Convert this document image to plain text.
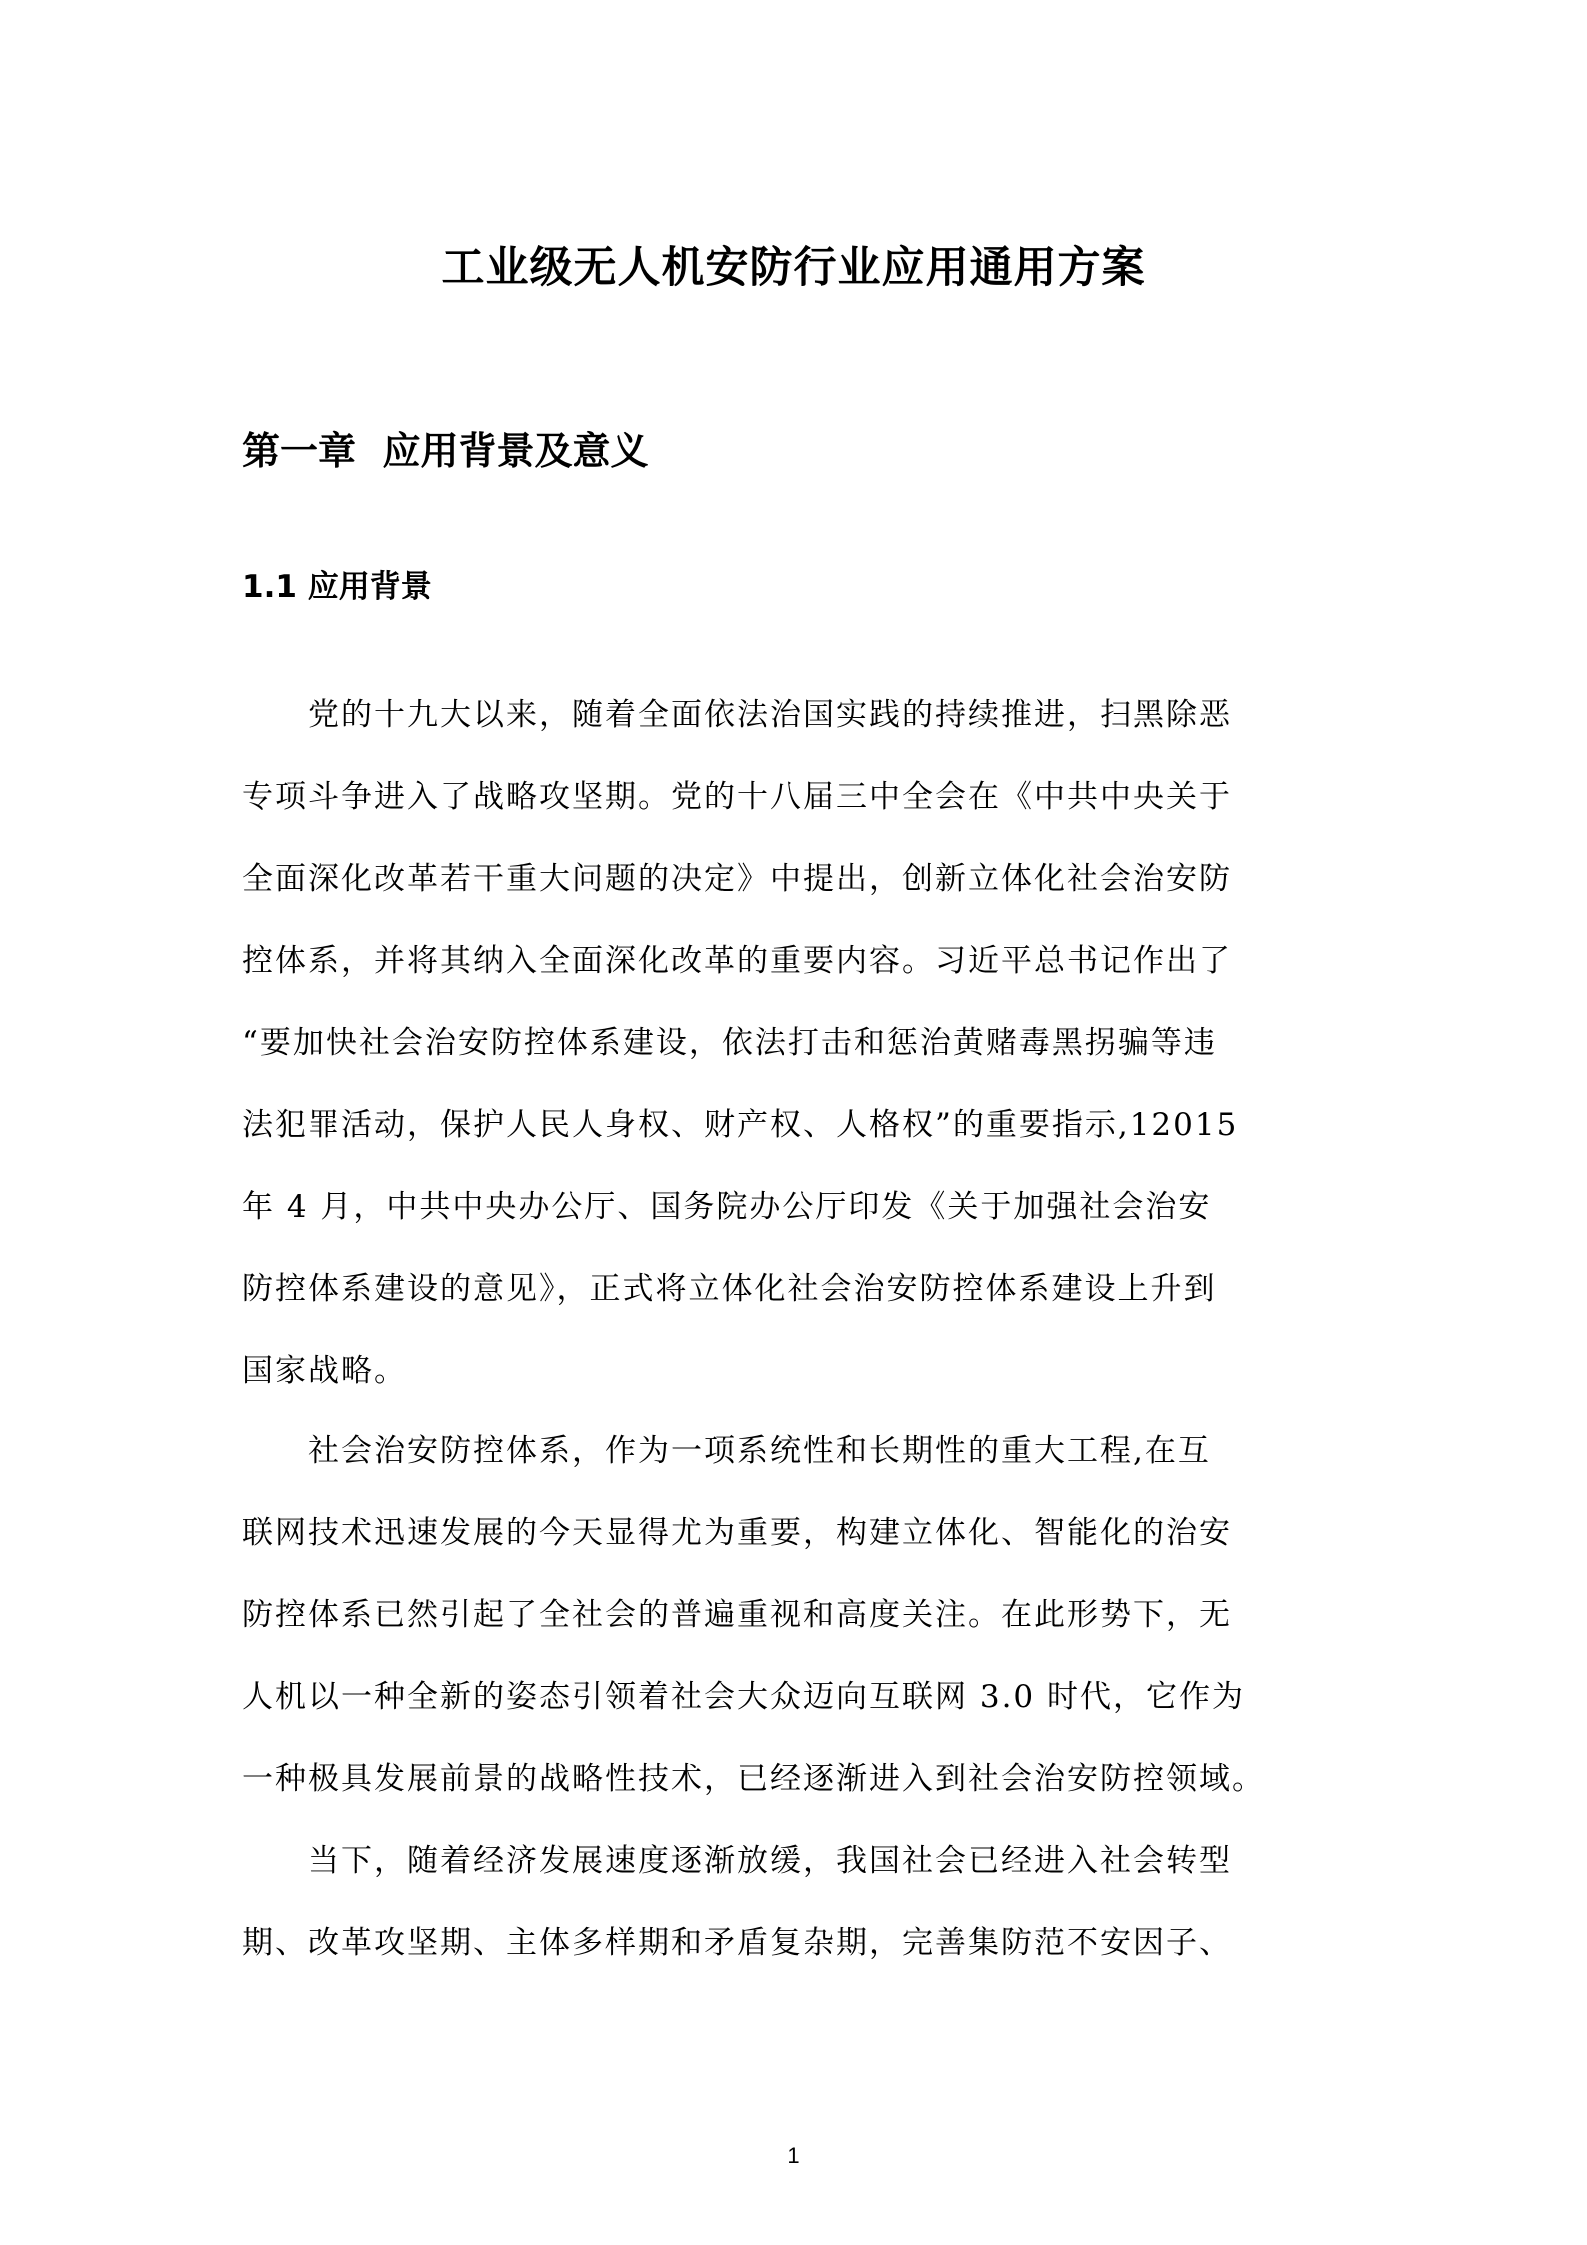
工业级无人机安防行业应用通用方案
第一章  应用背景及意义
1.1 应用背景
　　党的十九大以来，随着全面依法治国实践的持续推进，扫黑除恶
专项斗争进入了战略攻坚期。党的十八届三中全会在《中共中央关于
全面深化改革若干重大问题的决定》中提出，创新立体化社会治安防
控体系，并将其纳入全面深化改革的重要内容。习近平总书记作出了
“要加快社会治安防控体系建设，依法打击和惩治黄赌毒黑拐骗等违
法犯罪活动，保护人民人身权、财产权、人格权”的重要指示,12015
年 4 月，中共中央办公厅、国务院办公厅印发《关于加强社会治安
防控体系建设的意见》，正式将立体化社会治安防控体系建设上升到
国家战略。
　　社会治安防控体系，作为一项系统性和长期性的重大工程,在互
联网技术迅速发展的今天显得尤为重要，构建立体化、智能化的治安
防控体系已然引起了全社会的普遍重视和高度关注。在此形势下，无
人机以一种全新的姿态引领着社会大众迈向互联网 3.0 时代，它作为
一种极具发展前景的战略性技术，已经逐渐进入到社会治安防控领域。
　　当下，随着经济发展速度逐渐放缓，我国社会已经进入社会转型
期、改革攻坚期、主体多样期和矛盾复杂期，完善集防范不安因子、
1
